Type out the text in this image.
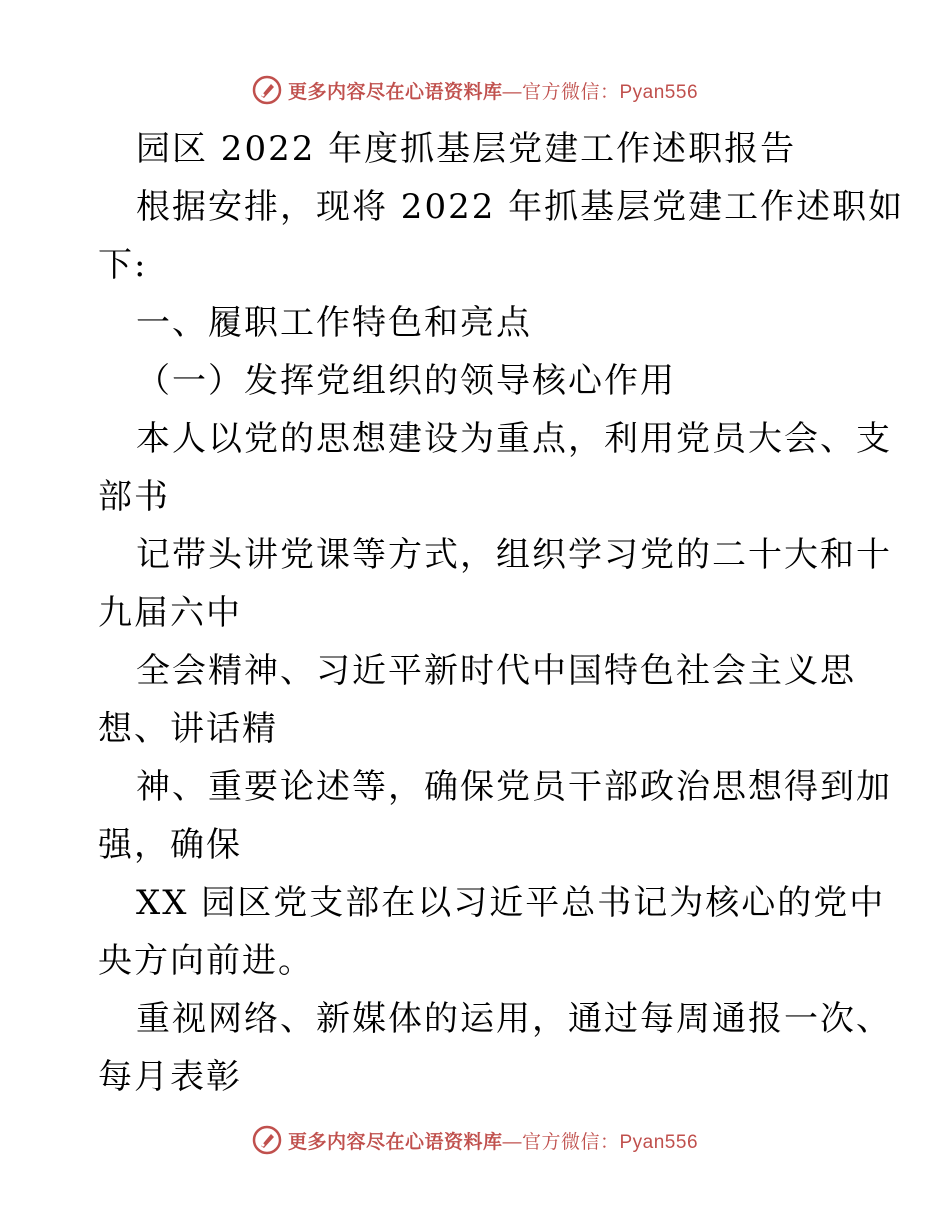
更多内容尽在心语资料库 —官方微信：Pyan556
园区 2022 年度抓基层党建工作述职报告
根据安排，现将 2022 年抓基层党建工作述职如
下:
一、履职工作特色和亮点
（一）发挥党组织的领导核心作用
本人以党的思想建设为重点，利用党员大会、支
部书
记带头讲党课等方式，组织学习党的二十大和十
九届六中
全会精神、习近平新时代中国特色社会主义思
想、讲话精
神、重要论述等，确保党员干部政治思想得到加
强，确保
XX 园区党支部在以习近平总书记为核心的党中
央方向前进。
重视网络、新媒体的运用，通过每周通报一次、
每月表彰
更多内容尽在心语资料库 —官方微信：Pyan556
